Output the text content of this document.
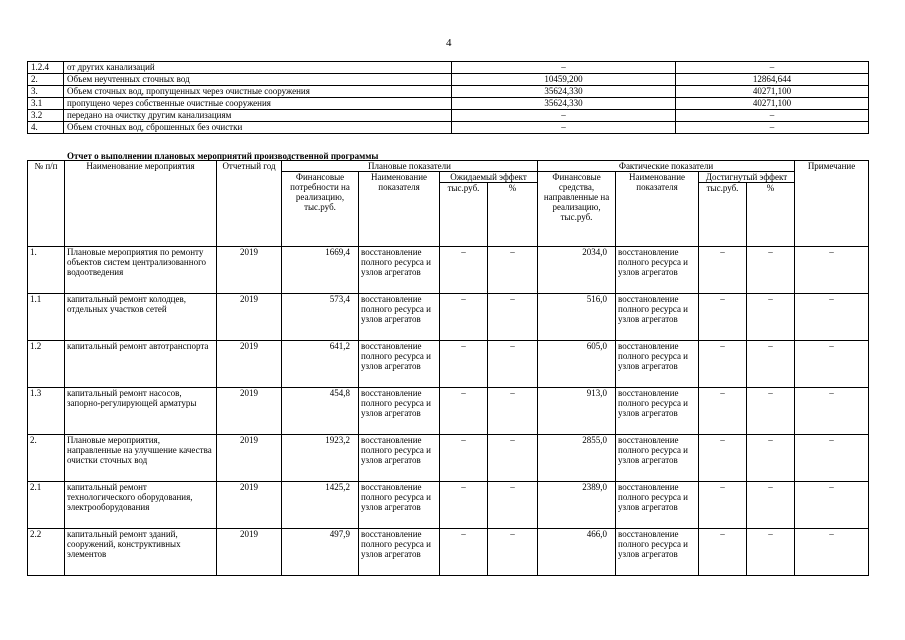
4
1.2.4	от других канализаций	–	–
2.	Объем неучтенных сточных вод	10459,200	12864,644
3.	Объем сточных вод, пропущенных через очистные сооружения	35624,330	40271,100
3.1	пропущено через собственные очистные сооружения	35624,330	40271,100
3.2	передано на очистку другим канализациям	–	–
4.	Объем сточных вод, сброшенных без очистки	–	–
Отчет о выполнении плановых мероприятий производственной программы
№ п/п	Наименование мероприятия	Отчетный год	Плановые показатели				Фактические показатели				Примечание
			Финансовые потребности на реализацию, тыс.руб.	Наименование показателя	Ожидаемый эффект		Финансовые средства, направленные на реализацию, тыс.руб.	Наименование показателя	Достигнутый эффект		
					тыс.руб.	%			тыс.руб.	%	
1.	Плановые мероприятия по ремонту объектов систем централизованного водоотведения	2019	1669,4	восстановление полного ресурса и узлов агрегатов	–	–	2034,0	восстановление полного ресурса и узлов агрегатов	–	–	–
1.1	капитальный ремонт колодцев, отдельных участков сетей	2019	573,4	восстановление полного ресурса и узлов агрегатов	–	–	516,0	восстановление полного ресурса и узлов агрегатов	–	–	–
1.2	капитальный ремонт автотранспорта	2019	641,2	восстановление полного ресурса и узлов агрегатов	–	–	605,0	восстановление полного ресурса и узлов агрегатов	–	–	–
1.3	капитальный ремонт насосов, запорно-регулирующей арматуры	2019	454,8	восстановление полного ресурса и узлов агрегатов	–	–	913,0	восстановление полного ресурса и узлов агрегатов	–	–	–
2.	Плановые мероприятия, направленные на улучшение качества очистки сточных вод	2019	1923,2	восстановление полного ресурса и узлов агрегатов	–	–	2855,0	восстановление полного ресурса и узлов агрегатов	–	–	–
2.1	капитальный ремонт технологического оборудования, электрооборудования	2019	1425,2	восстановление полного ресурса и узлов агрегатов	–	–	2389,0	восстановление полного ресурса и узлов агрегатов	–	–	–
2.2	капитальный ремонт зданий, сооружений, конструктивных элементов	2019	497,9	восстановление полного ресурса и узлов агрегатов	–	–	466,0	восстановление полного ресурса и узлов агрегатов	–	–	–
